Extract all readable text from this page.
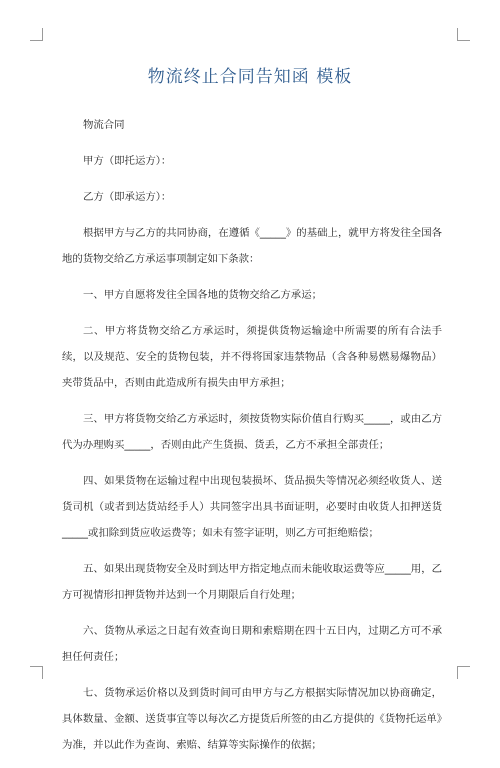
物流终止合同告知函 模板

物流合同

甲方（即托运方）：

乙方（即承运方）：

根据甲方与乙方的共同协商，在遵循《_____》的基础上，就甲方将发往全国各地的货物交给乙方承运事项制定如下条款：

一、甲方自愿将发往全国各地的货物交给乙方承运；

二、甲方将货物交给乙方承运时，须提供货物运输途中所需要的所有合法手续，以及规范、安全的货物包装，并不得将国家违禁物品（含各种易燃易爆物品）夹带货品中，否则由此造成所有损失由甲方承担；

三、甲方将货物交给乙方承运时，须按货物实际价值自行购买_____，或由乙方代为办理购买_____，否则由此产生货损、货丢，乙方不承担全部责任；

四、如果货物在运输过程中出现包装损坏、货品损失等情况必须经收货人、送货司机（或者到达货站经手人）共同签字出具书面证明，必要时由收货人扣押送货_____或扣除到货应收运费等；如未有签字证明，则乙方可拒绝赔偿；

五、如果出现货物安全及时到达甲方指定地点而未能收取运费等应_____用，乙方可视情形扣押货物并达到一个月期限后自行处理；

六、货物从承运之日起有效查询日期和索赔期在四十五日内，过期乙方可不承担任何责任；

七、货物承运价格以及到货时间可由甲方与乙方根据实际情况加以协商确定，具体数量、金额、送货事宜等以每次乙方提货后所签的由乙方提供的《货物托运单》为准，并以此作为查询、索赔、结算等实际操作的依据；
